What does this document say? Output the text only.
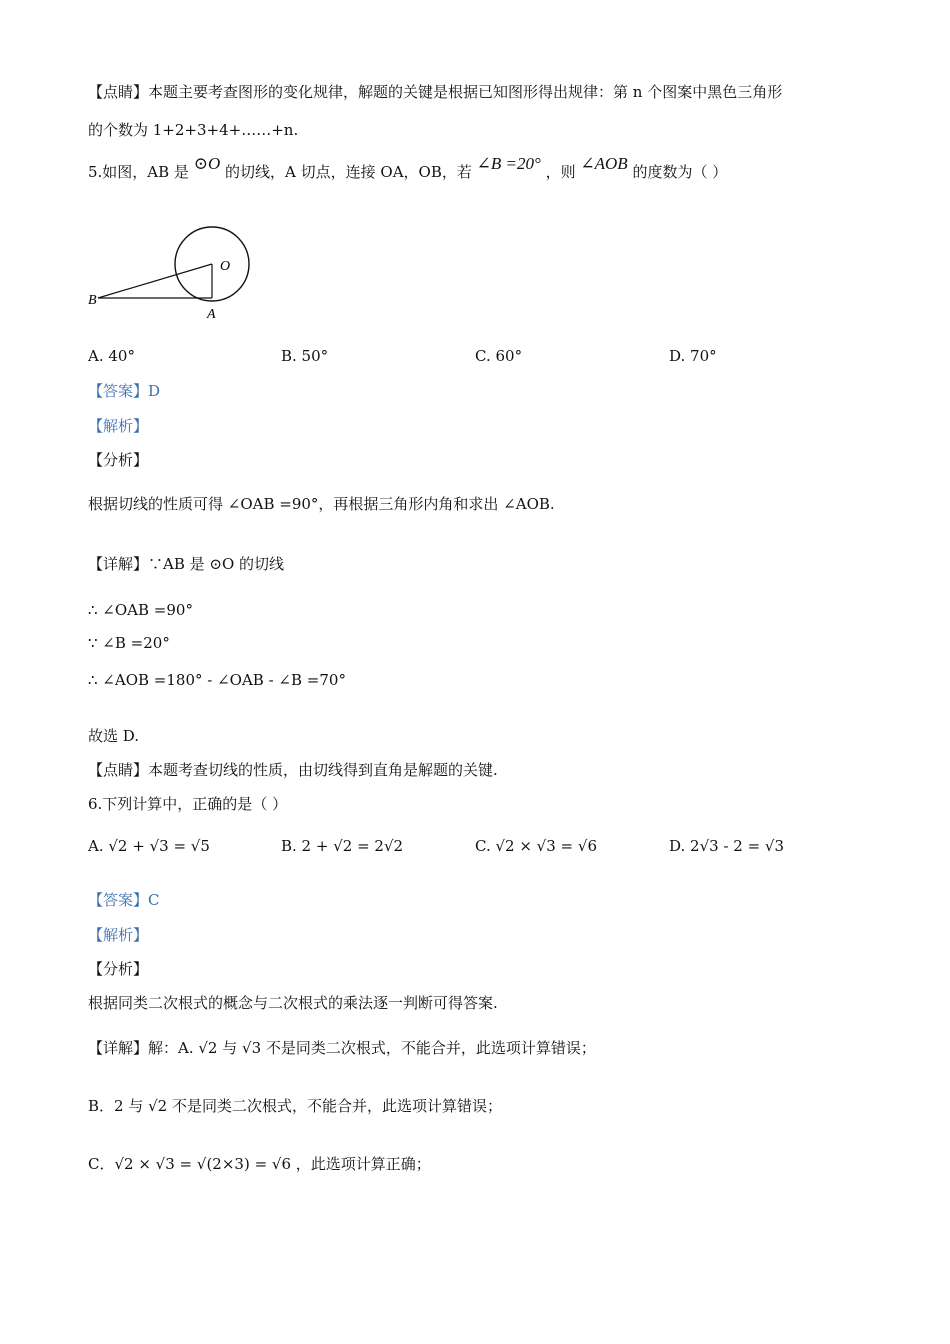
【点睛】本题主要考查图形的变化规律，解题的关键是根据已知图形得出规律：第 n 个图案中黑色三角形
的个数为 1+2+3+4+……+n.
5.如图，AB 是 ⊙O 的切线，A 切点，连接 OA，OB，若 ∠B =20° ，则 ∠AOB 的度数为（ ）
B
O
A
A. 40°	B. 50°	C. 60°	D. 70°
【答案】D
【解析】
【分析】
根据切线的性质可得 ∠OAB =90°，再根据三角形内角和求出 ∠AOB.
【详解】∵AB 是 ⊙O 的切线
∴ ∠OAB =90°
∵ ∠B =20°
∴ ∠AOB =180° - ∠OAB - ∠B =70°
故选 D.
【点睛】本题考查切线的性质，由切线得到直角是解题的关键.
6.下列计算中，正确的是（ ）
A. √2 + √3 = √5	B. 2 + √2 = 2√2	C. √2 × √3 = √6	D. 2√3 - 2 = √3
【答案】C
【解析】
【分析】
根据同类二次根式的概念与二次根式的乘法逐一判断可得答案.
【详解】解：A. √2 与 √3 不是同类二次根式，不能合并，此选项计算错误；
B．2 与 √2 不是同类二次根式，不能合并，此选项计算错误；
C．√2 × √3 = √(2×3) = √6 ，此选项计算正确；
